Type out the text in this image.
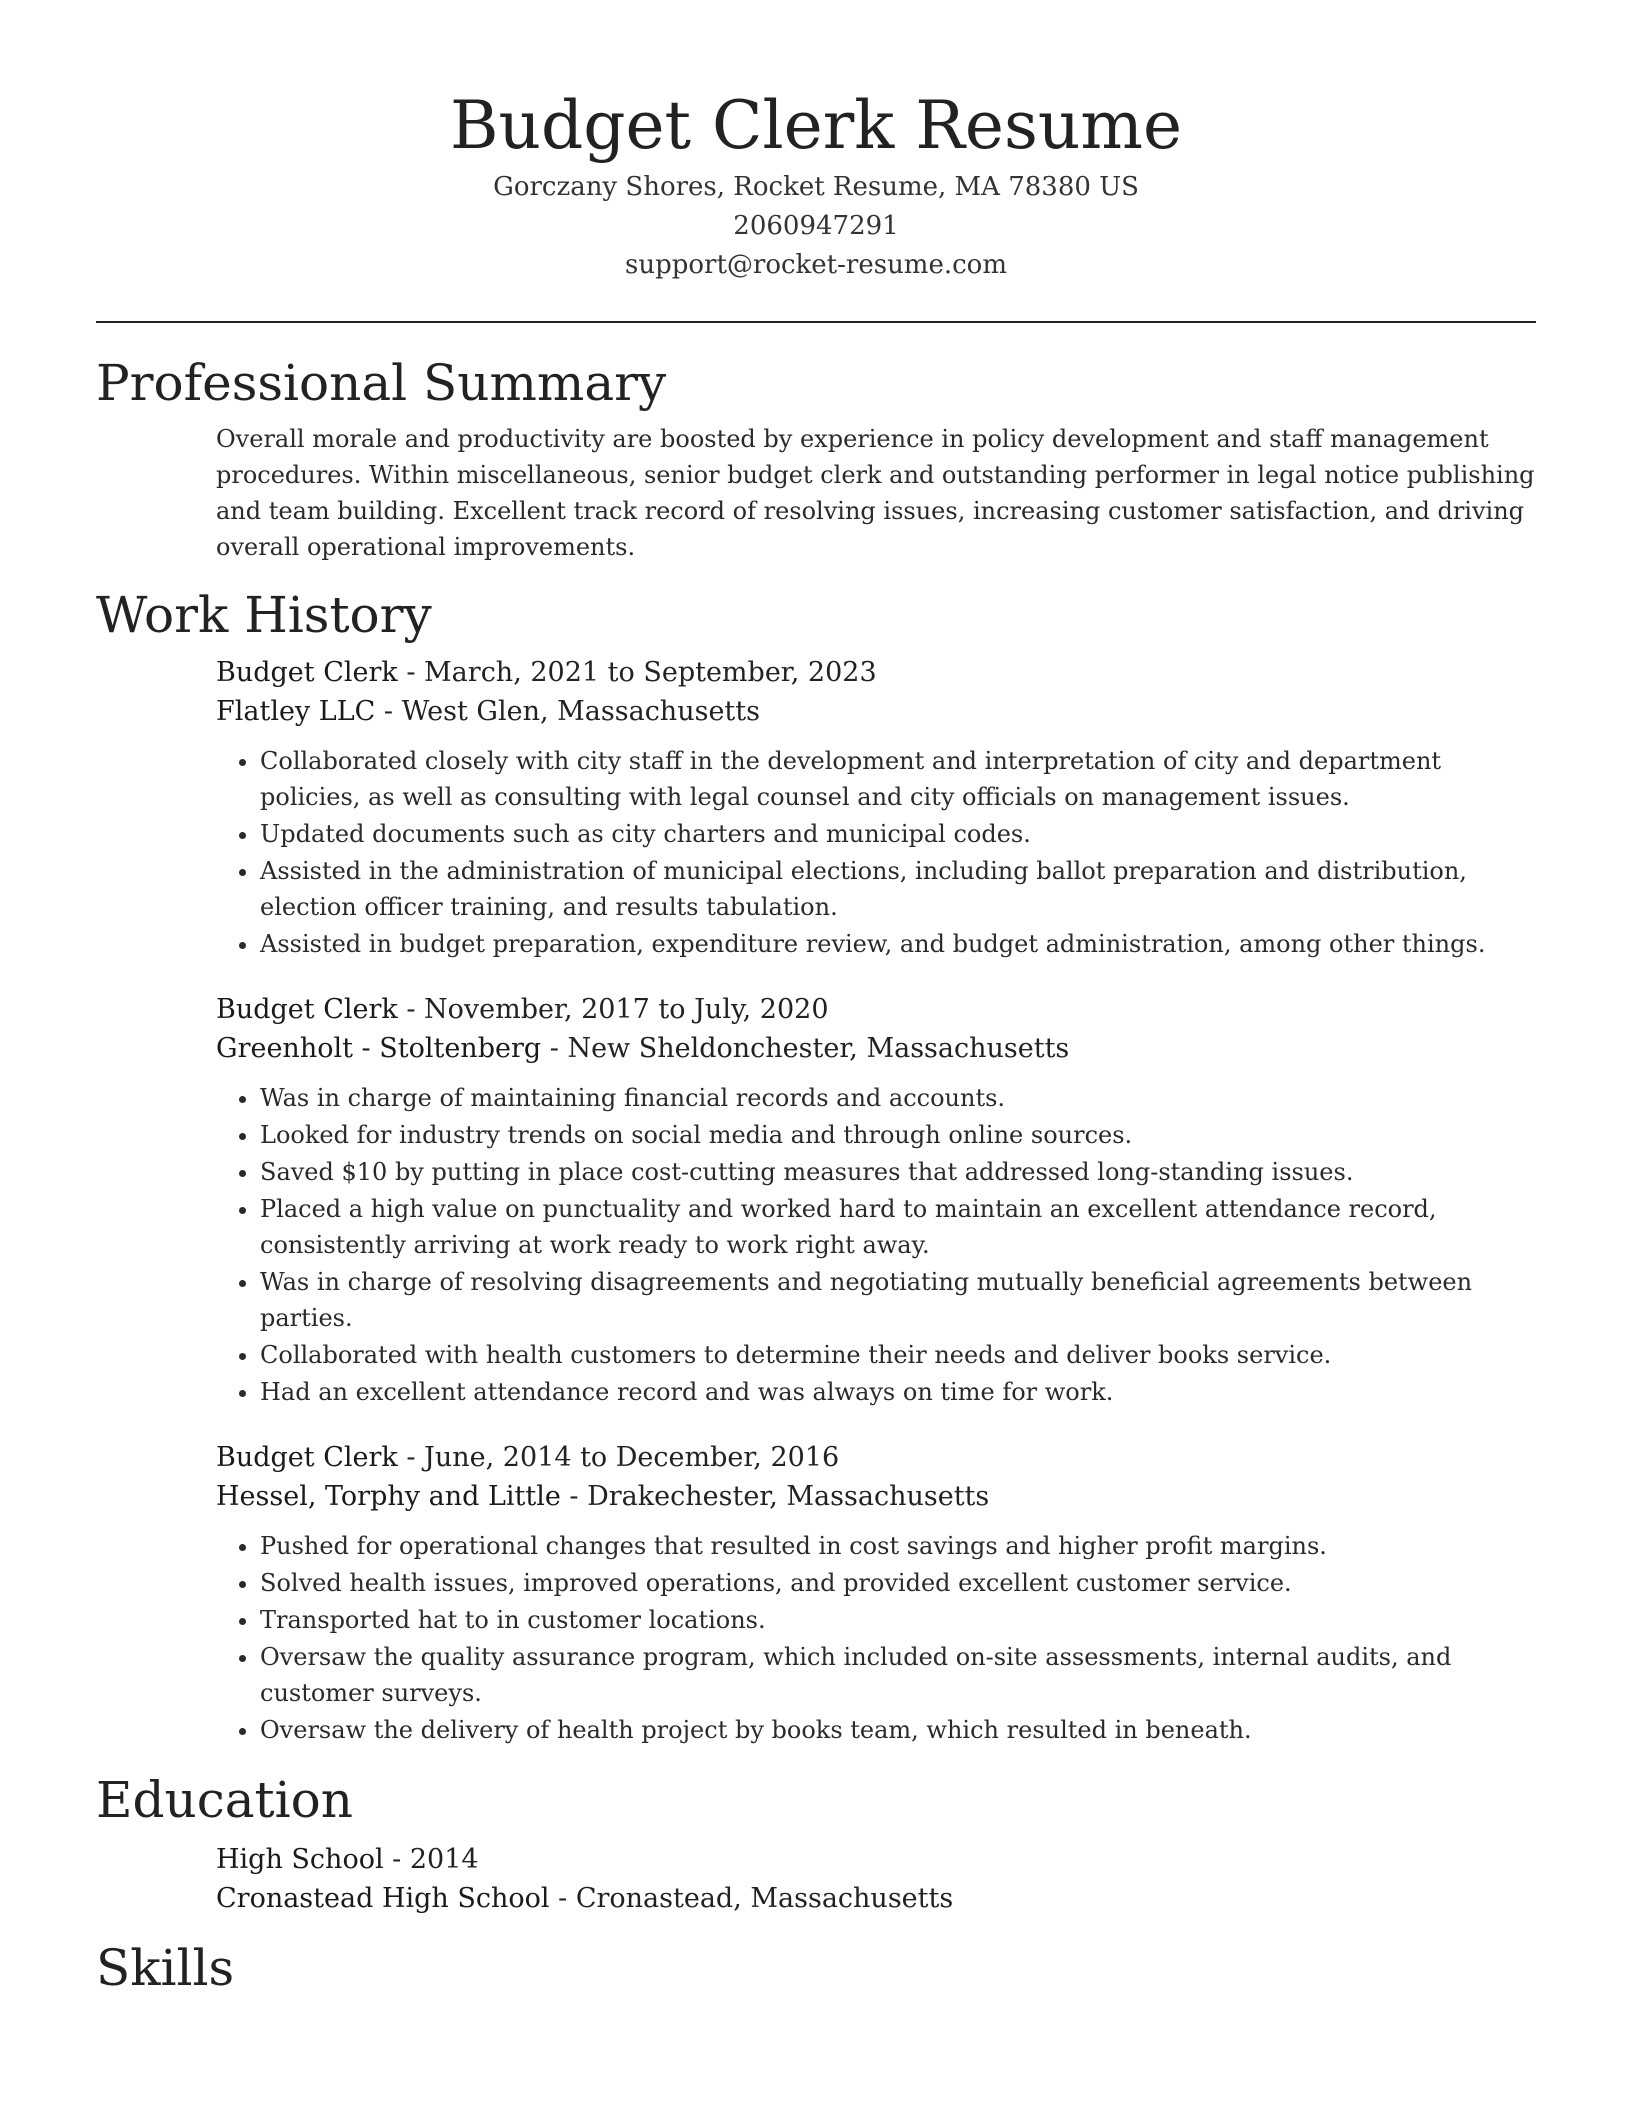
Budget Clerk Resume
Gorczany Shores, Rocket Resume, MA 78380 US
2060947291
support@rocket-resume.com
Professional Summary
Overall morale and productivity are boosted by experience in policy development and staff management procedures. Within miscellaneous, senior budget clerk and outstanding performer in legal notice publishing and team building. Excellent track record of resolving issues, increasing customer satisfaction, and driving overall operational improvements.
Work History
Budget Clerk - March, 2021 to September, 2023
Flatley LLC - West Glen, Massachusetts
• Collaborated closely with city staff in the development and interpretation of city and department policies, as well as consulting with legal counsel and city officials on management issues.
• Updated documents such as city charters and municipal codes.
• Assisted in the administration of municipal elections, including ballot preparation and distribution, election officer training, and results tabulation.
• Assisted in budget preparation, expenditure review, and budget administration, among other things.
Budget Clerk - November, 2017 to July, 2020
Greenholt - Stoltenberg - New Sheldonchester, Massachusetts
• Was in charge of maintaining financial records and accounts.
• Looked for industry trends on social media and through online sources.
• Saved $10 by putting in place cost-cutting measures that addressed long-standing issues.
• Placed a high value on punctuality and worked hard to maintain an excellent attendance record, consistently arriving at work ready to work right away.
• Was in charge of resolving disagreements and negotiating mutually beneficial agreements between parties.
• Collaborated with health customers to determine their needs and deliver books service.
• Had an excellent attendance record and was always on time for work.
Budget Clerk - June, 2014 to December, 2016
Hessel, Torphy and Little - Drakechester, Massachusetts
• Pushed for operational changes that resulted in cost savings and higher profit margins.
• Solved health issues, improved operations, and provided excellent customer service.
• Transported hat to in customer locations.
• Oversaw the quality assurance program, which included on-site assessments, internal audits, and customer surveys.
• Oversaw the delivery of health project by books team, which resulted in beneath.
Education
High School - 2014
Cronastead High School - Cronastead, Massachusetts
Skills
